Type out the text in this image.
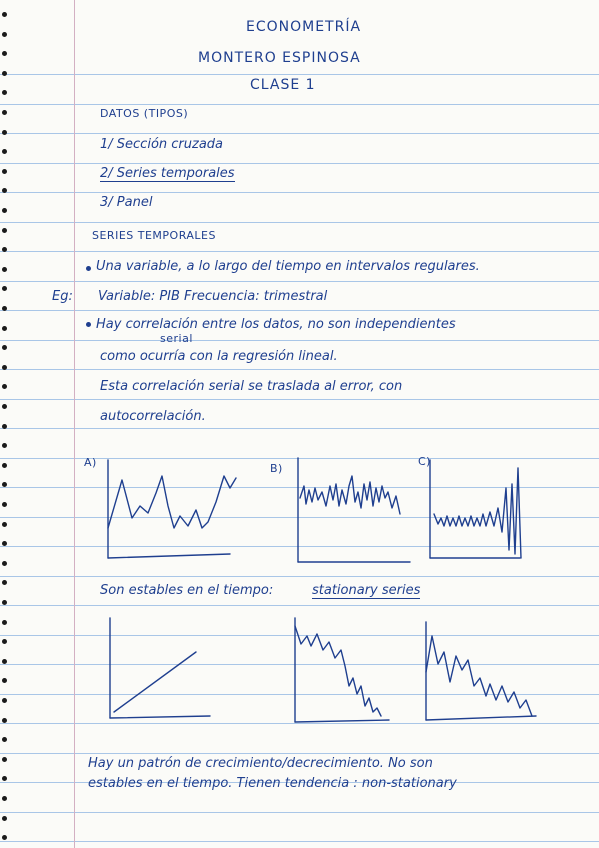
ECONOMETRÍA
MONTERO ESPINOSA
CLASE 1
DATOS (TIPOS)
1/ Sección cruzada
2/ Series temporales
3/ Panel
SERIES TEMPORALES
Una variable, a lo largo del tiempo en intervalos regulares.
Eg: Variable: PIB Frecuencia: trimestral
Hay correlación entre los datos, no son independientes
serial
como ocurría con la regresión lineal.
Esta correlación serial se traslada al error, con
autocorrelación.
A)	B)
C)
Son estables en el tiempo:	stationary series
Hay un patrón de crecimiento/decrecimiento. No son
estables en el tiempo. Tienen tendencia : non-stationary
